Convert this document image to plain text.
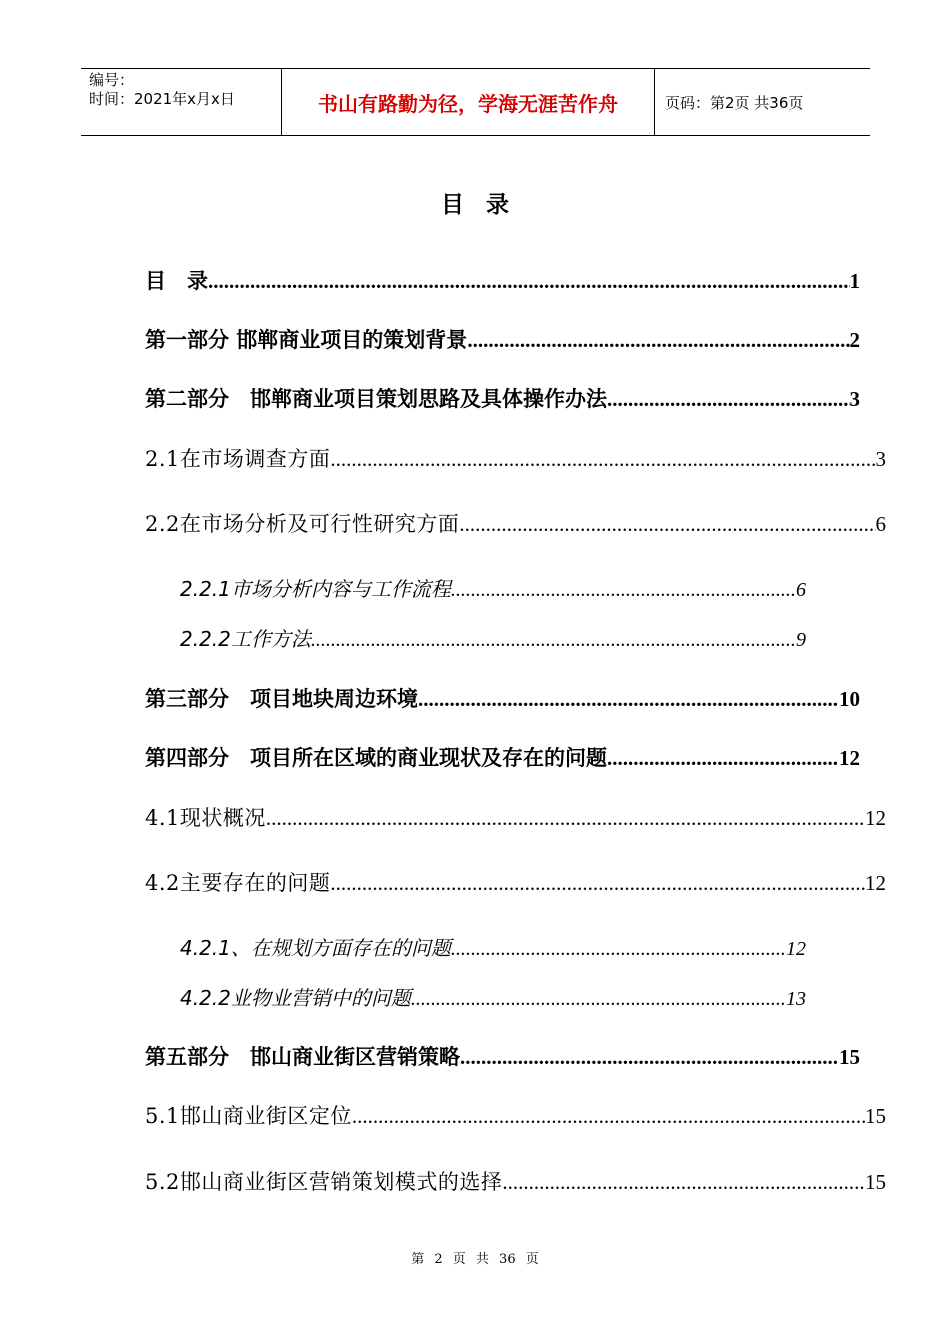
编号：
时间：2021年x月x日	书山有路勤为径，学海无涯苦作舟	页码：第2页 共36页
目录
目　录 .....	1
第一部分 邯郸商业项目的策划背景 .....	2
第二部分　邯郸商业项目策划思路及具体操作办法 .....	3
2.1在市场调查方面 .....	3
2.2在市场分析及可行性研究方面 .....	6
2.2.1市场分析内容与工作流程 .....	6
2.2.2工作方法 .....	9
第三部分　项目地块周边环境 .....	10
第四部分　项目所在区域的商业现状及存在的问题 .....	12
4.1现状概况 .....	12
4.2主要存在的问题 .....	12
4.2.1、在规划方面存在的问题 .....	12
4.2.2业物业营销中的问题 .....	13
第五部分　邯山商业街区营销策略 .....	15
5.1邯山商业街区定位 .....	15
5.2邯山商业街区营销策划模式的选择 .....	15
第 2 页 共 36 页
